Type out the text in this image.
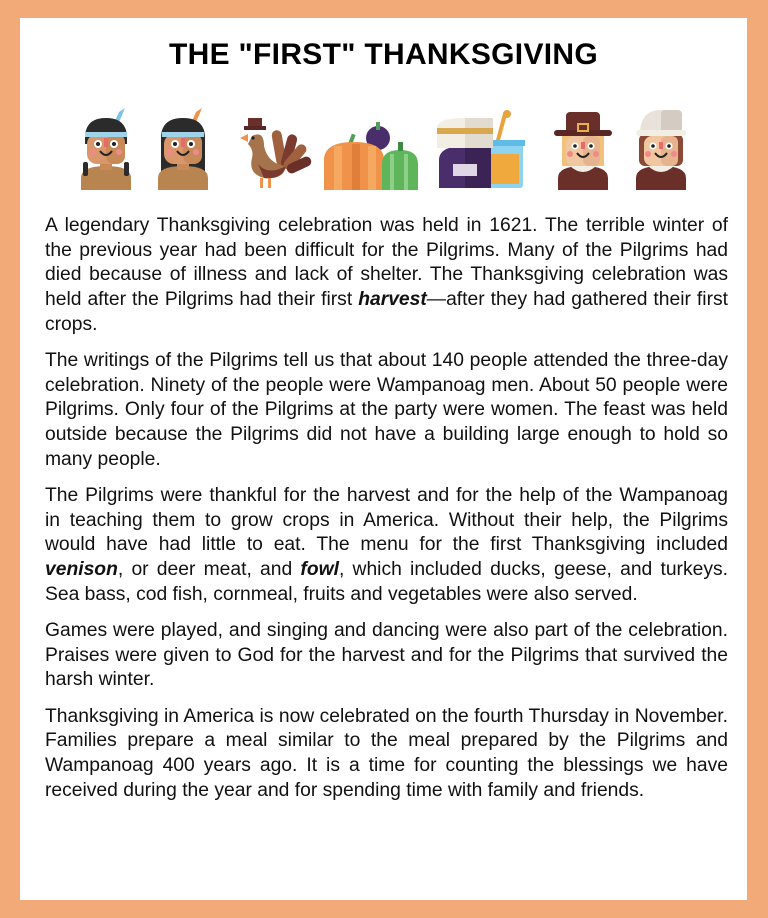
THE "FIRST" THANKSGIVING

A legendary Thanksgiving celebration was held in 1621. The terrible winter of the previous year had been difficult for the Pilgrims. Many of the Pilgrims had died because of illness and lack of shelter. The Thanksgiving celebration was held after the Pilgrims had their first harvest—after they had gathered their first crops.

The writings of the Pilgrims tell us that about 140 people attended the three-day celebration. Ninety of the people were Wampanoag men. About 50 people were Pilgrims. Only four of the Pilgrims at the party were women. The feast was held outside because the Pilgrims did not have a building large enough to hold so many people.

The Pilgrims were thankful for the harvest and for the help of the Wampanoag in teaching them to grow crops in America. Without their help, the Pilgrims would have had little to eat. The menu for the first Thanksgiving included venison, or deer meat, and fowl, which included ducks, geese, and turkeys. Sea bass, cod fish, cornmeal, fruits and vegetables were also served.

Games were played, and singing and dancing were also part of the celebration. Praises were given to God for the harvest and for the Pilgrims that survived the harsh winter.

Thanksgiving in America is now celebrated on the fourth Thursday in November. Families prepare a meal similar to the meal prepared by the Pilgrims and Wampanoag 400 years ago. It is a time for counting the blessings we have received during the year and for spending time with family and friends.
